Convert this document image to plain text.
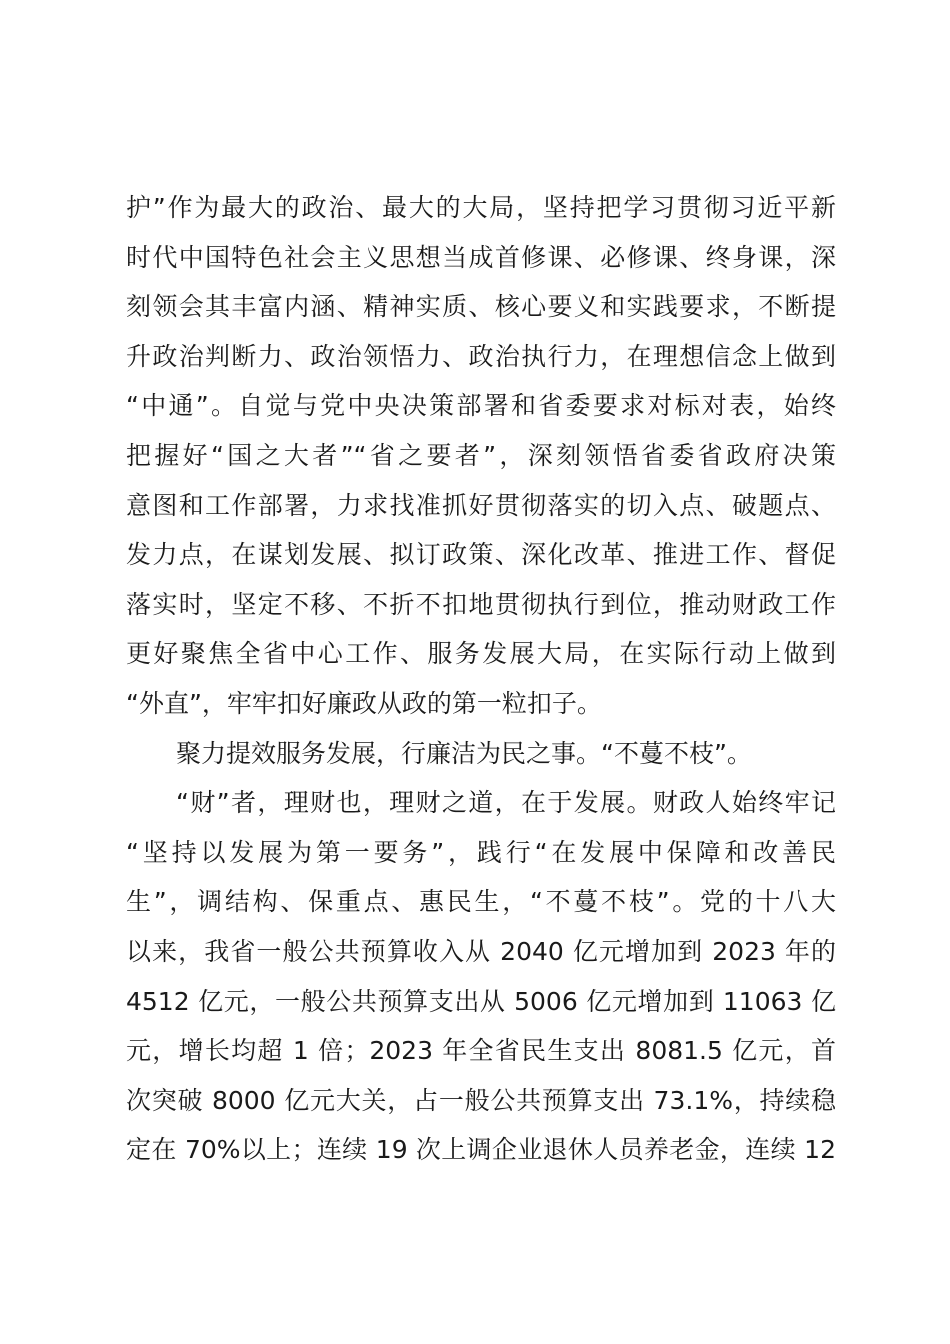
护”作为最大的政治、最大的大局，坚持把学习贯彻习近平新
时代中国特色社会主义思想当成首修课、必修课、终身课，深
刻领会其丰富内涵、精神实质、核心要义和实践要求，不断提
升政治判断力、政治领悟力、政治执行力，在理想信念上做到
“中通”。自觉与党中央决策部署和省委要求对标对表，始终
把握好“国之大者”“省之要者”，深刻领悟省委省政府决策
意图和工作部署，力求找准抓好贯彻落实的切入点、破题点、
发力点，在谋划发展、拟订政策、深化改革、推进工作、督促
落实时，坚定不移、不折不扣地贯彻执行到位，推动财政工作
更好聚焦全省中心工作、服务发展大局，在实际行动上做到
“外直”，牢牢扣好廉政从政的第一粒扣子。
聚力提效服务发展，行廉洁为民之事。“不蔓不枝”。
“财”者，理财也，理财之道，在于发展。财政人始终牢记
“坚持以发展为第一要务”，践行“在发展中保障和改善民
生”，调结构、保重点、惠民生，“不蔓不枝”。党的十八大
以来，我省一般公共预算收入从 2040 亿元增加到 2023 年的
4512 亿元，一般公共预算支出从 5006 亿元增加到 11063 亿
元，增长均超 1 倍；2023 年全省民生支出 8081.5 亿元，首
次突破 8000 亿元大关，占一般公共预算支出 73.1%，持续稳
定在 70%以上；连续 19 次上调企业退休人员养老金，连续 12
